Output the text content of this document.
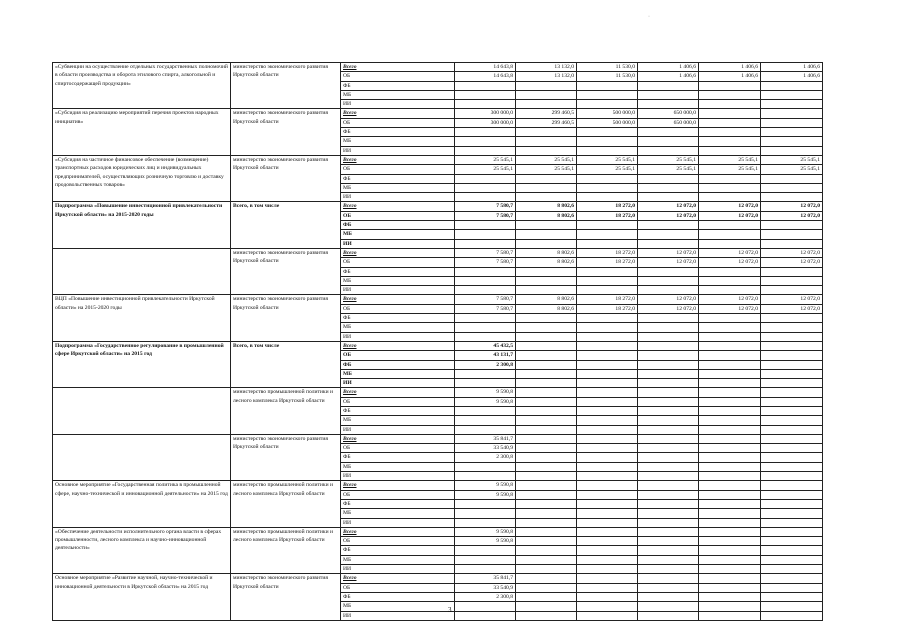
·
«Субвенции на осуществление отдельных государственных полномочий в области производства и оборота этилового спирта, алкогольной и спиртосодержащей продукции»	министерство экономического развития Иркутской области	Всего	14 643,8	13 132,0	11 530,0	1 406,6	1 406,6	1 406,6
		ОБ	14 643,8	13 132,0	11 530,0	1 406,6	1 406,6	1 406,6
		ФБ						
		МБ						
		ИИ						
«Субсидия на реализацию мероприятий перечня проектов народных инициатив»	министерство экономического развития Иркутской области	Всего	300 000,0	299 460,5	500 000,0	650 000,0		
		ОБ	300 000,0	299 460,5	500 000,0	650 000,0		
		ФБ						
		МБ						
		ИИ						
«Субсидия на частичное финансовое обеспечение (возмещение) транспортных расходов юридических лиц и индивидуальных предпринимателей, осуществляющих розничную торговлю и доставку продовольственных товаров»	министерство экономического развития Иркутской области	Всего	25 545,1	25 545,1	25 545,1	25 545,1	25 545,1	25 545,1
		ОБ	25 545,1	25 545,1	25 545,1	25 545,1	25 545,1	25 545,1
		ФБ						
		МБ						
		ИИ						
Подпрограмма «Повышение инвестиционной привлекательности Иркутской области» на 2015-2020 годы	Всего, в том числе	Всего	7 580,7	8 802,6	18 272,0	12 072,0	12 072,0	12 072,0
		ОБ	7 580,7	8 802,6	18 272,0	12 072,0	12 072,0	12 072,0
		ФБ						
		МБ						
		ИИ						
	министерство экономического развития Иркутской области	Всего	7 580,7	8 802,6	18 272,0	12 072,0	12 072,0	12 072,0
		ОБ	7 580,7	8 802,6	18 272,0	12 072,0	12 072,0	12 072,0
		ФБ						
		МБ						
		ИИ						
ВЦП «Повышение инвестиционной привлекательности Иркутской области» на 2015-2020 годы	министерство экономического развития Иркутской области	Всего	7 580,7	8 802,6	18 272,0	12 072,0	12 072,0	12 072,0
		ОБ	7 580,7	8 802,6	18 272,0	12 072,0	12 072,0	12 072,0
		ФБ						
		МБ						
		ИИ						
Подпрограмма «Государственное регулирование в промышленной сфере Иркутской области» на 2015 год	Всего, в том числе	Всего	45 432,5					
		ОБ	43 131,7					
		ФБ	2 300,8					
		МБ						
		ИИ						
	министерство промышленной политики и лесного комплекса Иркутской области	Всего	9 590,8					
		ОБ	9 590,8					
		ФБ						
		МБ						
		ИИ						
	министерство экономического развития Иркутской области	Всего	35 841,7					
		ОБ	33 540,9					
		ФБ	2 300,8					
		МБ						
		ИИ						
Основное мероприятие «Государственная политика в промышленной сфере, научно-технической и инновационной деятельности» на 2015 год	министерство промышленной политики и лесного комплекса Иркутской области	Всего	9 590,8					
		ОБ	9 590,8					
		ФБ						
		МБ						
		ИИ						
«Обеспечение деятельности исполнительного органа власти в сферах промышленности, лесного комплекса и научно-инновационной деятельности»	министерство промышленной политики и лесного комплекса Иркутской области	Всего	9 590,8					
		ОБ	9 590,8					
		ФБ						
		МБ						
		ИИ						
Основное мероприятие «Развитие научной, научно-технической и инновационной деятельности в Иркутской области» на 2015 год	министерство экономического развития Иркутской области	Всего	35 841,7					
		ОБ	33 540,9					
		ФБ	2 300,8					
		МБ						
		ИИ						
3
